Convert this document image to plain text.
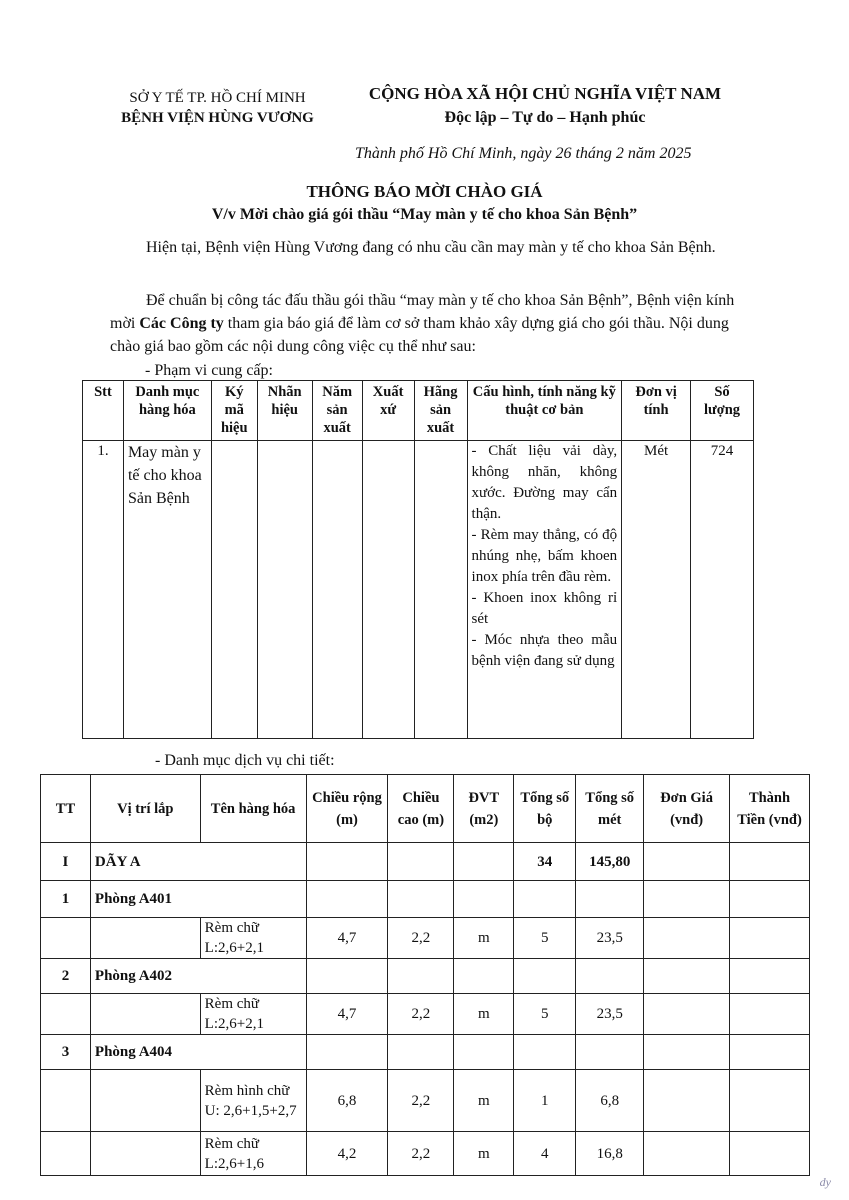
SỞ Y TẾ TP. HỒ CHÍ MINH
BỆNH VIỆN HÙNG VƯƠNG
CỘNG HÒA XÃ HỘI CHỦ NGHĨA VIỆT NAM
Độc lập – Tự do – Hạnh phúc
Thành phố Hồ Chí Minh, ngày 26 tháng 2 năm 2025
THÔNG BÁO MỜI CHÀO GIÁ
V/v Mời chào giá gói thầu “May màn y tế cho khoa Sản Bệnh”
Hiện tại, Bệnh viện Hùng Vương đang có nhu cầu cần may màn y tế cho khoa Sản Bệnh.
Để chuẩn bị công tác đấu thầu gói thầu “may màn y tế cho khoa Sản Bệnh”, Bệnh viện kính mời Các Công ty tham gia báo giá để làm cơ sở tham khảo xây dựng giá cho gói thầu. Nội dung chào giá bao gồm các nội dung công việc cụ thể như sau:
- Phạm vi cung cấp:
Stt	Danh mục hàng hóa	Ký mã hiệu	Nhãn hiệu	Năm sản xuất	Xuất xứ	Hãng sản xuất	Cấu hình, tính năng kỹ thuật cơ bản	Đơn vị tính	Số lượng
1.	May màn y tế cho khoa Sản Bệnh						- Chất liệu vải dày, không nhăn, không xước. Đường may cẩn thận.
- Rèm may thẳng, có độ nhúng nhẹ, bấm khoen inox phía trên đầu rèm.
- Khoen inox không rỉ sét
- Móc nhựa theo mẫu bệnh viện đang sử dụng	Mét	724
- Danh mục dịch vụ chi tiết:
TT	Vị trí lắp	Tên hàng hóa	Chiều rộng (m)	Chiều cao (m)	ĐVT (m2)	Tổng số bộ	Tổng số mét	Đơn Giá (vnđ)	Thành Tiền (vnđ)
I	DÃY A					34	145,80		
1	Phòng A401								
		Rèm chữ L:2,6+2,1	4,7	2,2	m	5	23,5		
2	Phòng A402								
		Rèm chữ L:2,6+2,1	4,7	2,2	m	5	23,5		
3	Phòng A404								
		Rèm hình chữ U: 2,6+1,5+2,7	6,8	2,2	m	1	6,8		
		Rèm chữ L:2,6+1,6	4,2	2,2	m	4	16,8		
dy
